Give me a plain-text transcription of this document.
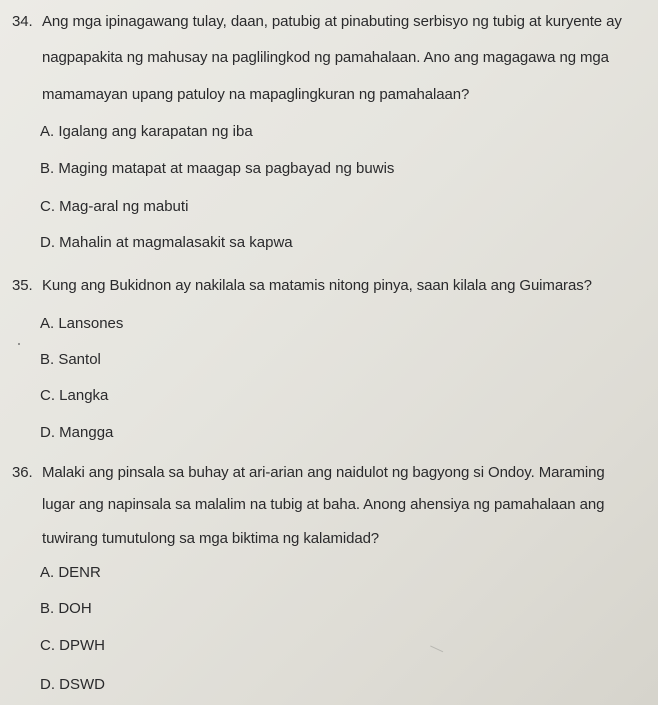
34. Ang mga ipinagawang tulay, daan, patubig at pinabuting serbisyo ng tubig at kuryente ay
nagpapakita ng mahusay na paglilingkod ng pamahalaan. Ano ang magagawa ng mga
mamamayan upang patuloy na mapaglingkuran ng pamahalaan?
A. Igalang ang karapatan ng iba
B. Maging matapat at maagap sa pagbayad ng buwis
C. Mag-aral ng mabuti
D. Mahalin at magmalasakit sa kapwa
35. Kung ang Bukidnon ay nakilala sa matamis nitong pinya, saan kilala ang Guimaras?
A. Lansones
B. Santol
C. Langka
D. Mangga
36. Malaki ang pinsala sa buhay at ari-arian ang naidulot ng bagyong si Ondoy. Maraming
lugar ang napinsala sa malalim na tubig at baha. Anong ahensiya ng pamahalaan ang
tuwirang tumutulong sa mga biktima ng kalamidad?
A. DENR
B. DOH
C. DPWH
D. DSWD
